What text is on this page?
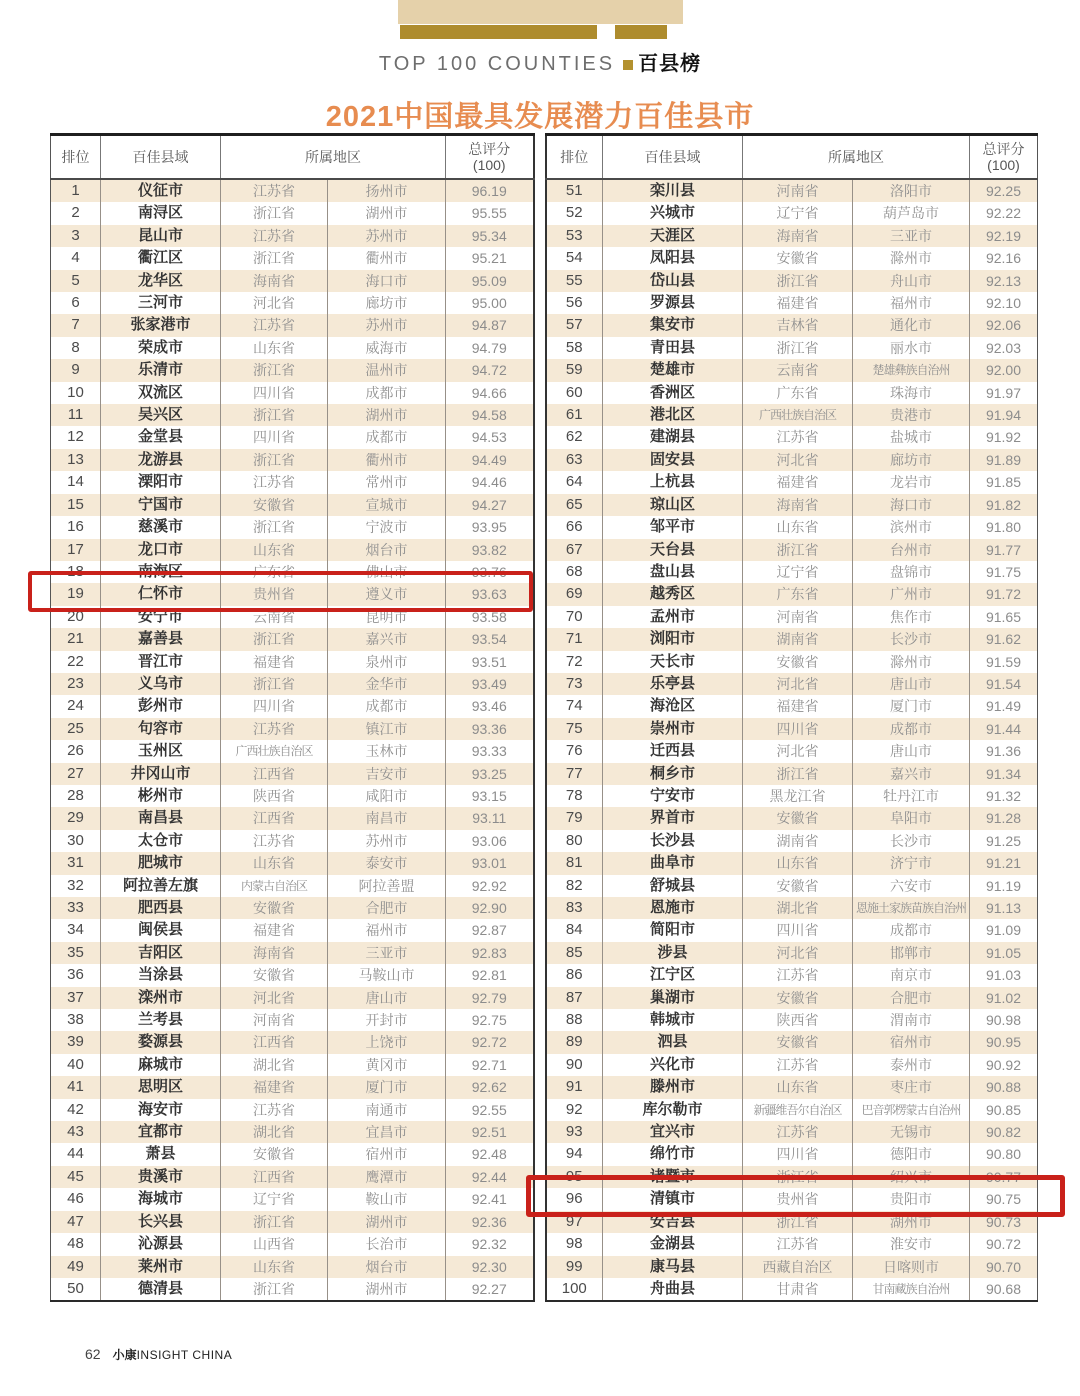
TOP 100 COUNTIES 百县榜
2021中国最具发展潜力百佳县市
排位	百佳县域	所属地区		总评分
(100)

1	仪征市	江苏省	扬州市	96.19
2	南浔区	浙江省	湖州市	95.55
3	昆山市	江苏省	苏州市	95.34
4	衢江区	浙江省	衢州市	95.21
5	龙华区	海南省	海口市	95.09
6	三河市	河北省	廊坊市	95.00
7	张家港市	江苏省	苏州市	94.87
8	荣成市	山东省	威海市	94.79
9	乐清市	浙江省	温州市	94.72
10	双流区	四川省	成都市	94.66
11	吴兴区	浙江省	湖州市	94.58
12	金堂县	四川省	成都市	94.53
13	龙游县	浙江省	衢州市	94.49
14	溧阳市	江苏省	常州市	94.46
15	宁国市	安徽省	宣城市	94.27
16	慈溪市	浙江省	宁波市	93.95
17	龙口市	山东省	烟台市	93.82
18	南海区	广东省	佛山市	93.76
19	仁怀市	贵州省	遵义市	93.63
20	安宁市	云南省	昆明市	93.58
21	嘉善县	浙江省	嘉兴市	93.54
22	晋江市	福建省	泉州市	93.51
23	义乌市	浙江省	金华市	93.49
24	彭州市	四川省	成都市	93.46
25	句容市	江苏省	镇江市	93.36
26	玉州区	广西壮族自治区	玉林市	93.33
27	井冈山市	江西省	吉安市	93.25
28	彬州市	陕西省	咸阳市	93.15
29	南昌县	江西省	南昌市	93.11
30	太仓市	江苏省	苏州市	93.06
31	肥城市	山东省	泰安市	93.01
32	阿拉善左旗	内蒙古自治区	阿拉善盟	92.92
33	肥西县	安徽省	合肥市	92.90
34	闽侯县	福建省	福州市	92.87
35	吉阳区	海南省	三亚市	92.83
36	当涂县	安徽省	马鞍山市	92.81
37	滦州市	河北省	唐山市	92.79
38	兰考县	河南省	开封市	92.75
39	婺源县	江西省	上饶市	92.72
40	麻城市	湖北省	黄冈市	92.71
41	思明区	福建省	厦门市	92.62
42	海安市	江苏省	南通市	92.55
43	宜都市	湖北省	宜昌市	92.51
44	萧县	安徽省	宿州市	92.48
45	贵溪市	江西省	鹰潭市	92.44
46	海城市	辽宁省	鞍山市	92.41
47	长兴县	浙江省	湖州市	92.36
48	沁源县	山西省	长治市	92.32
49	莱州市	山东省	烟台市	92.30
50	德清县	浙江省	湖州市	92.27
排位	百佳县域	所属地区		总评分
(100)

51	栾川县	河南省	洛阳市	92.25
52	兴城市	辽宁省	葫芦岛市	92.22
53	天涯区	海南省	三亚市	92.19
54	凤阳县	安徽省	滁州市	92.16
55	岱山县	浙江省	舟山市	92.13
56	罗源县	福建省	福州市	92.10
57	集安市	吉林省	通化市	92.06
58	青田县	浙江省	丽水市	92.03
59	楚雄市	云南省	楚雄彝族自治州	92.00
60	香洲区	广东省	珠海市	91.97
61	港北区	广西壮族自治区	贵港市	91.94
62	建湖县	江苏省	盐城市	91.92
63	固安县	河北省	廊坊市	91.89
64	上杭县	福建省	龙岩市	91.85
65	琼山区	海南省	海口市	91.82
66	邹平市	山东省	滨州市	91.80
67	天台县	浙江省	台州市	91.77
68	盘山县	辽宁省	盘锦市	91.75
69	越秀区	广东省	广州市	91.72
70	孟州市	河南省	焦作市	91.65
71	浏阳市	湖南省	长沙市	91.62
72	天长市	安徽省	滁州市	91.59
73	乐亭县	河北省	唐山市	91.54
74	海沧区	福建省	厦门市	91.49
75	崇州市	四川省	成都市	91.44
76	迁西县	河北省	唐山市	91.36
77	桐乡市	浙江省	嘉兴市	91.34
78	宁安市	黑龙江省	牡丹江市	91.32
79	界首市	安徽省	阜阳市	91.28
80	长沙县	湖南省	长沙市	91.25
81	曲阜市	山东省	济宁市	91.21
82	舒城县	安徽省	六安市	91.19
83	恩施市	湖北省	恩施土家族苗族自治州	91.13
84	简阳市	四川省	成都市	91.09
85	涉县	河北省	邯郸市	91.05
86	江宁区	江苏省	南京市	91.03
87	巢湖市	安徽省	合肥市	91.02
88	韩城市	陕西省	渭南市	90.98
89	泗县	安徽省	宿州市	90.95
90	兴化市	江苏省	泰州市	90.92
91	滕州市	山东省	枣庄市	90.88
92	库尔勒市	新疆维吾尔自治区	巴音郭楞蒙古自治州	90.85
93	宜兴市	江苏省	无锡市	90.82
94	绵竹市	四川省	德阳市	90.80
95	诸暨市	浙江省	绍兴市	90.77
96	清镇市	贵州省	贵阳市	90.75
97	安吉县	浙江省	湖州市	90.73
98	金湖县	江苏省	淮安市	90.72
99	康马县	西藏自治区	日喀则市	90.70
100	舟曲县	甘肃省	甘南藏族自治州	90.68
62 小康INSIGHT CHINA
